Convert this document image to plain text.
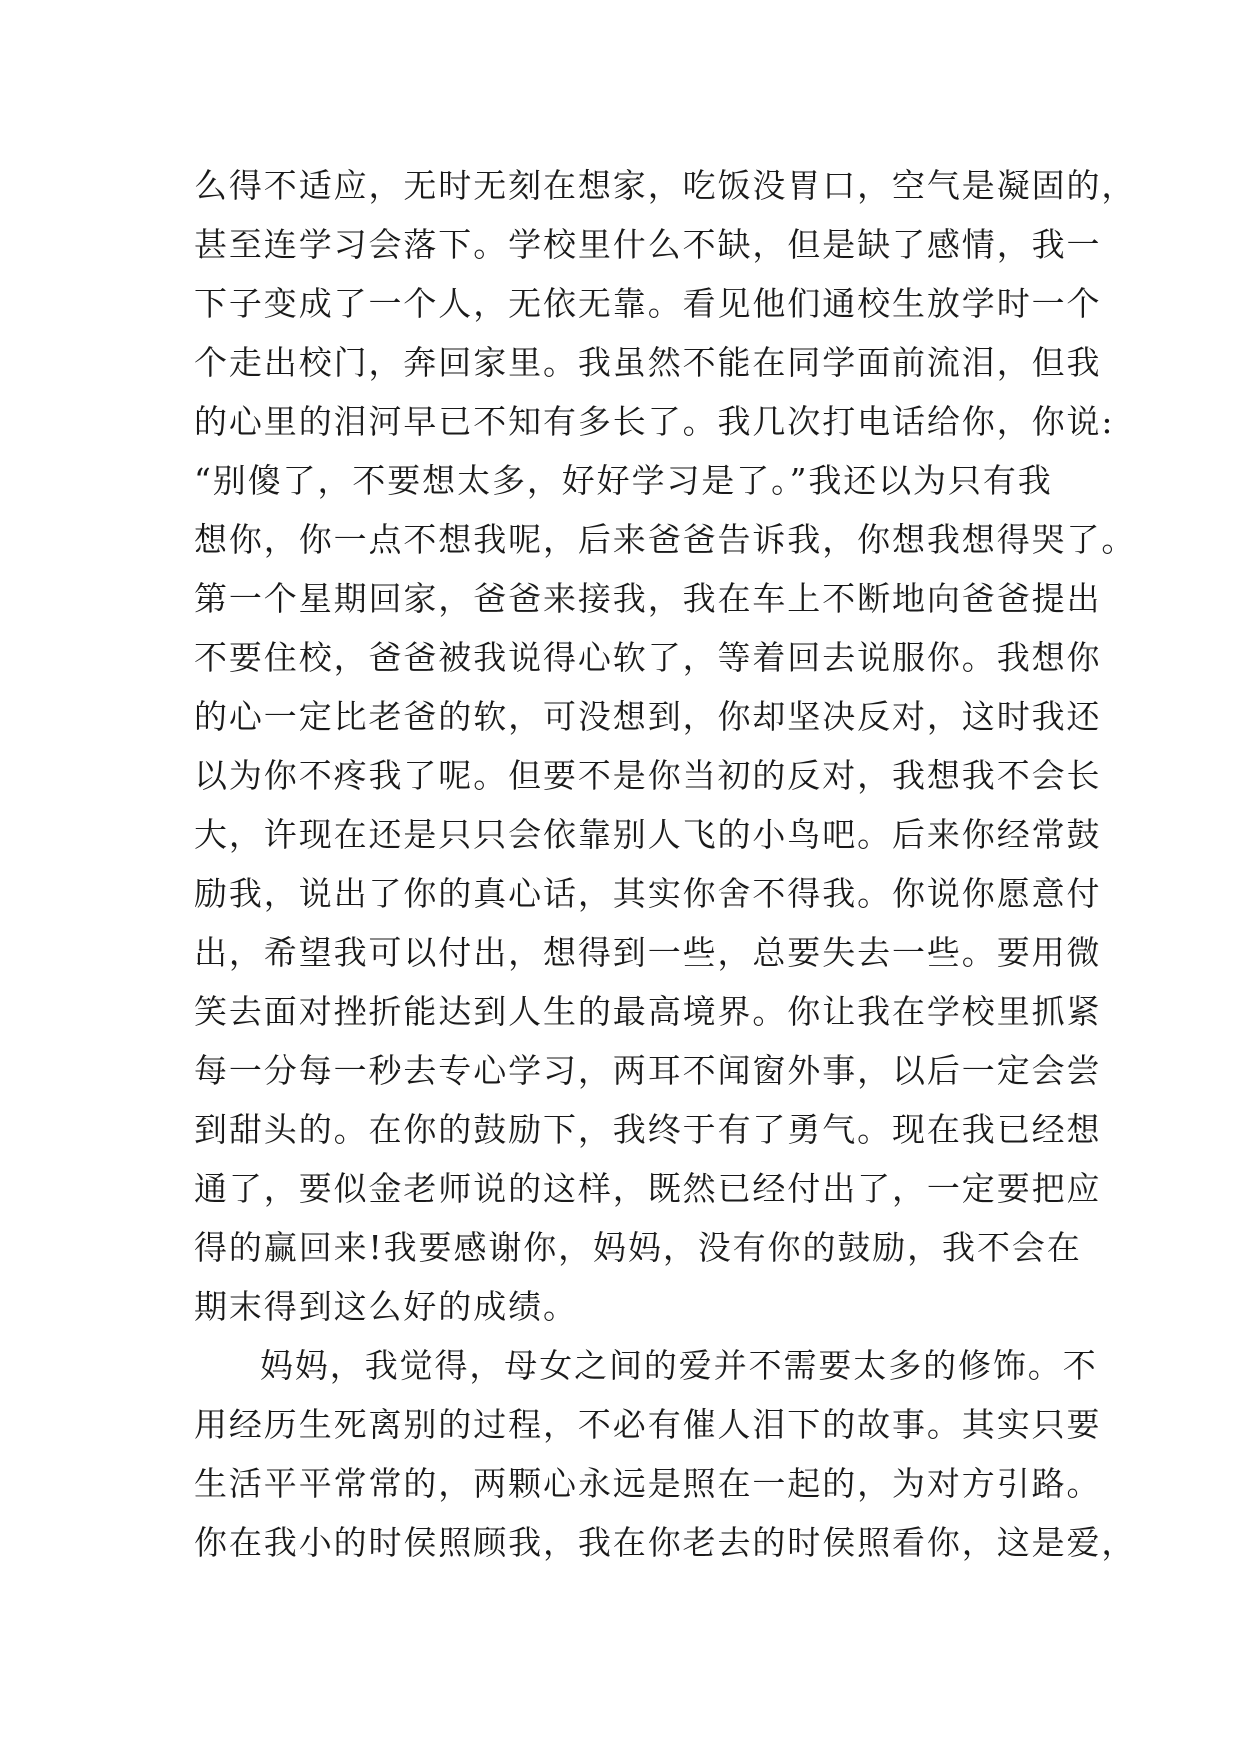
么得不适应，无时无刻在想家，吃饭没胃口，空气是凝固的，
甚至连学习会落下。学校里什么不缺，但是缺了感情，我一
下子变成了一个人，无依无靠。看见他们通校生放学时一个
个走出校门，奔回家里。我虽然不能在同学面前流泪，但我
的心里的泪河早已不知有多长了。我几次打电话给你，你说:
“别傻了，不要想太多，好好学习是了。”我还以为只有我
想你，你一点不想我呢，后来爸爸告诉我，你想我想得哭了。
第一个星期回家，爸爸来接我，我在车上不断地向爸爸提出
不要住校，爸爸被我说得心软了，等着回去说服你。我想你
的心一定比老爸的软，可没想到，你却坚决反对，这时我还
以为你不疼我了呢。但要不是你当初的反对，我想我不会长
大，许现在还是只只会依靠别人飞的小鸟吧。后来你经常鼓
励我，说出了你的真心话，其实你舍不得我。你说你愿意付
出，希望我可以付出，想得到一些，总要失去一些。要用微
笑去面对挫折能达到人生的最高境界。你让我在学校里抓紧
每一分每一秒去专心学习，两耳不闻窗外事，以后一定会尝
到甜头的。在你的鼓励下，我终于有了勇气。现在我已经想
通了，要似金老师说的这样，既然已经付出了，一定要把应
得的赢回来!我要感谢你，妈妈，没有你的鼓励，我不会在
期末得到这么好的成绩。
妈妈，我觉得，母女之间的爱并不需要太多的修饰。不
用经历生死离别的过程，不必有催人泪下的故事。其实只要
生活平平常常的，两颗心永远是照在一起的，为对方引路。
你在我小的时侯照顾我，我在你老去的时侯照看你，这是爱，
